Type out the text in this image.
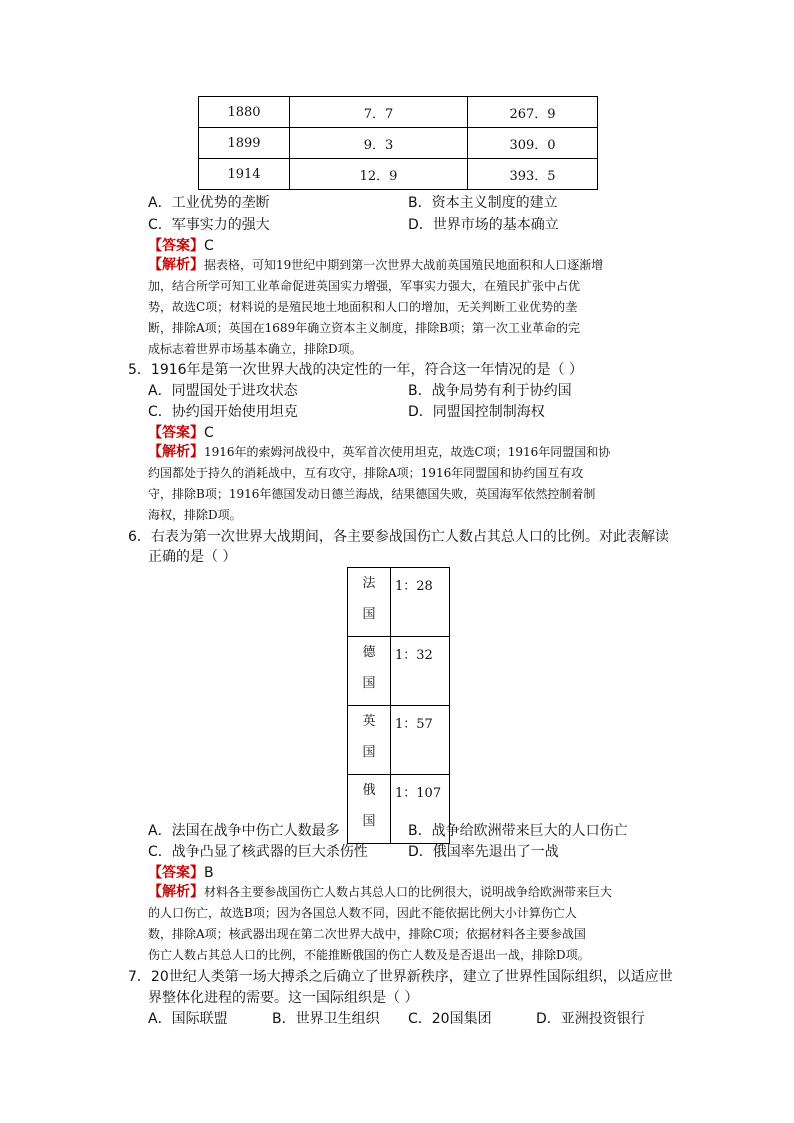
1880	7．7	267．9
1899	9．3	309．0
1914	12．9	393．5
A．工业优势的垄断	B．资本主义制度的建立
C．军事实力的强大	D．世界市场的基本确立
【答案】C
【解析】据表格，可知19世纪中期到第一次世界大战前英国殖民地面积和人口逐渐增
加，结合所学可知工业革命促进英国实力增强，军事实力强大，在殖民扩张中占优
势，故选C项；材料说的是殖民地土地面积和人口的增加，无关判断工业优势的垄
断，排除A项；英国在1689年确立资本主义制度，排除B项；第一次工业革命的完
成标志着世界市场基本确立，排除D项。
5．1916年是第一次世界大战的决定性的一年，符合这一年情况的是（ ）
A．同盟国处于进攻状态	B．战争局势有利于协约国
C．协约国开始使用坦克	D．同盟国控制制海权
【答案】C
【解析】1916年的索姆河战役中，英军首次使用坦克，故选C项；1916年同盟国和协
约国都处于持久的消耗战中，互有攻守，排除A项；1916年同盟国和协约国互有攻
守，排除B项；1916年德国发动日德兰海战，结果德国失败，英国海军依然控制着制
海权，排除D项。
6．右表为第一次世界大战期间，各主要参战国伤亡人数占其总人口的比例。对此表解读
正确的是（ ）
法
国	1：28

德
国	1：32

英
国	1：57

俄
国	1：107
A．法国在战争中伤亡人数最多	B．战争给欧洲带来巨大的人口伤亡
C．战争凸显了核武器的巨大杀伤性	D．俄国率先退出了一战
【答案】B
【解析】材料各主要参战国伤亡人数占其总人口的比例很大，说明战争给欧洲带来巨大
的人口伤亡，故选B项；因为各国总人数不同，因此不能依据比例大小计算伤亡人
数，排除A项；核武器出现在第二次世界大战中，排除C项；依据材料各主要参战国
伤亡人数占其总人口的比例，不能推断俄国的伤亡人数及是否退出一战，排除D项。
7．20世纪人类第一场大搏杀之后确立了世界新秩序，建立了世界性国际组织，以适应世
界整体化进程的需要。这一国际组织是（ ）
A．国际联盟	B．世界卫生组织 C．20国集团	D．亚洲投资银行
